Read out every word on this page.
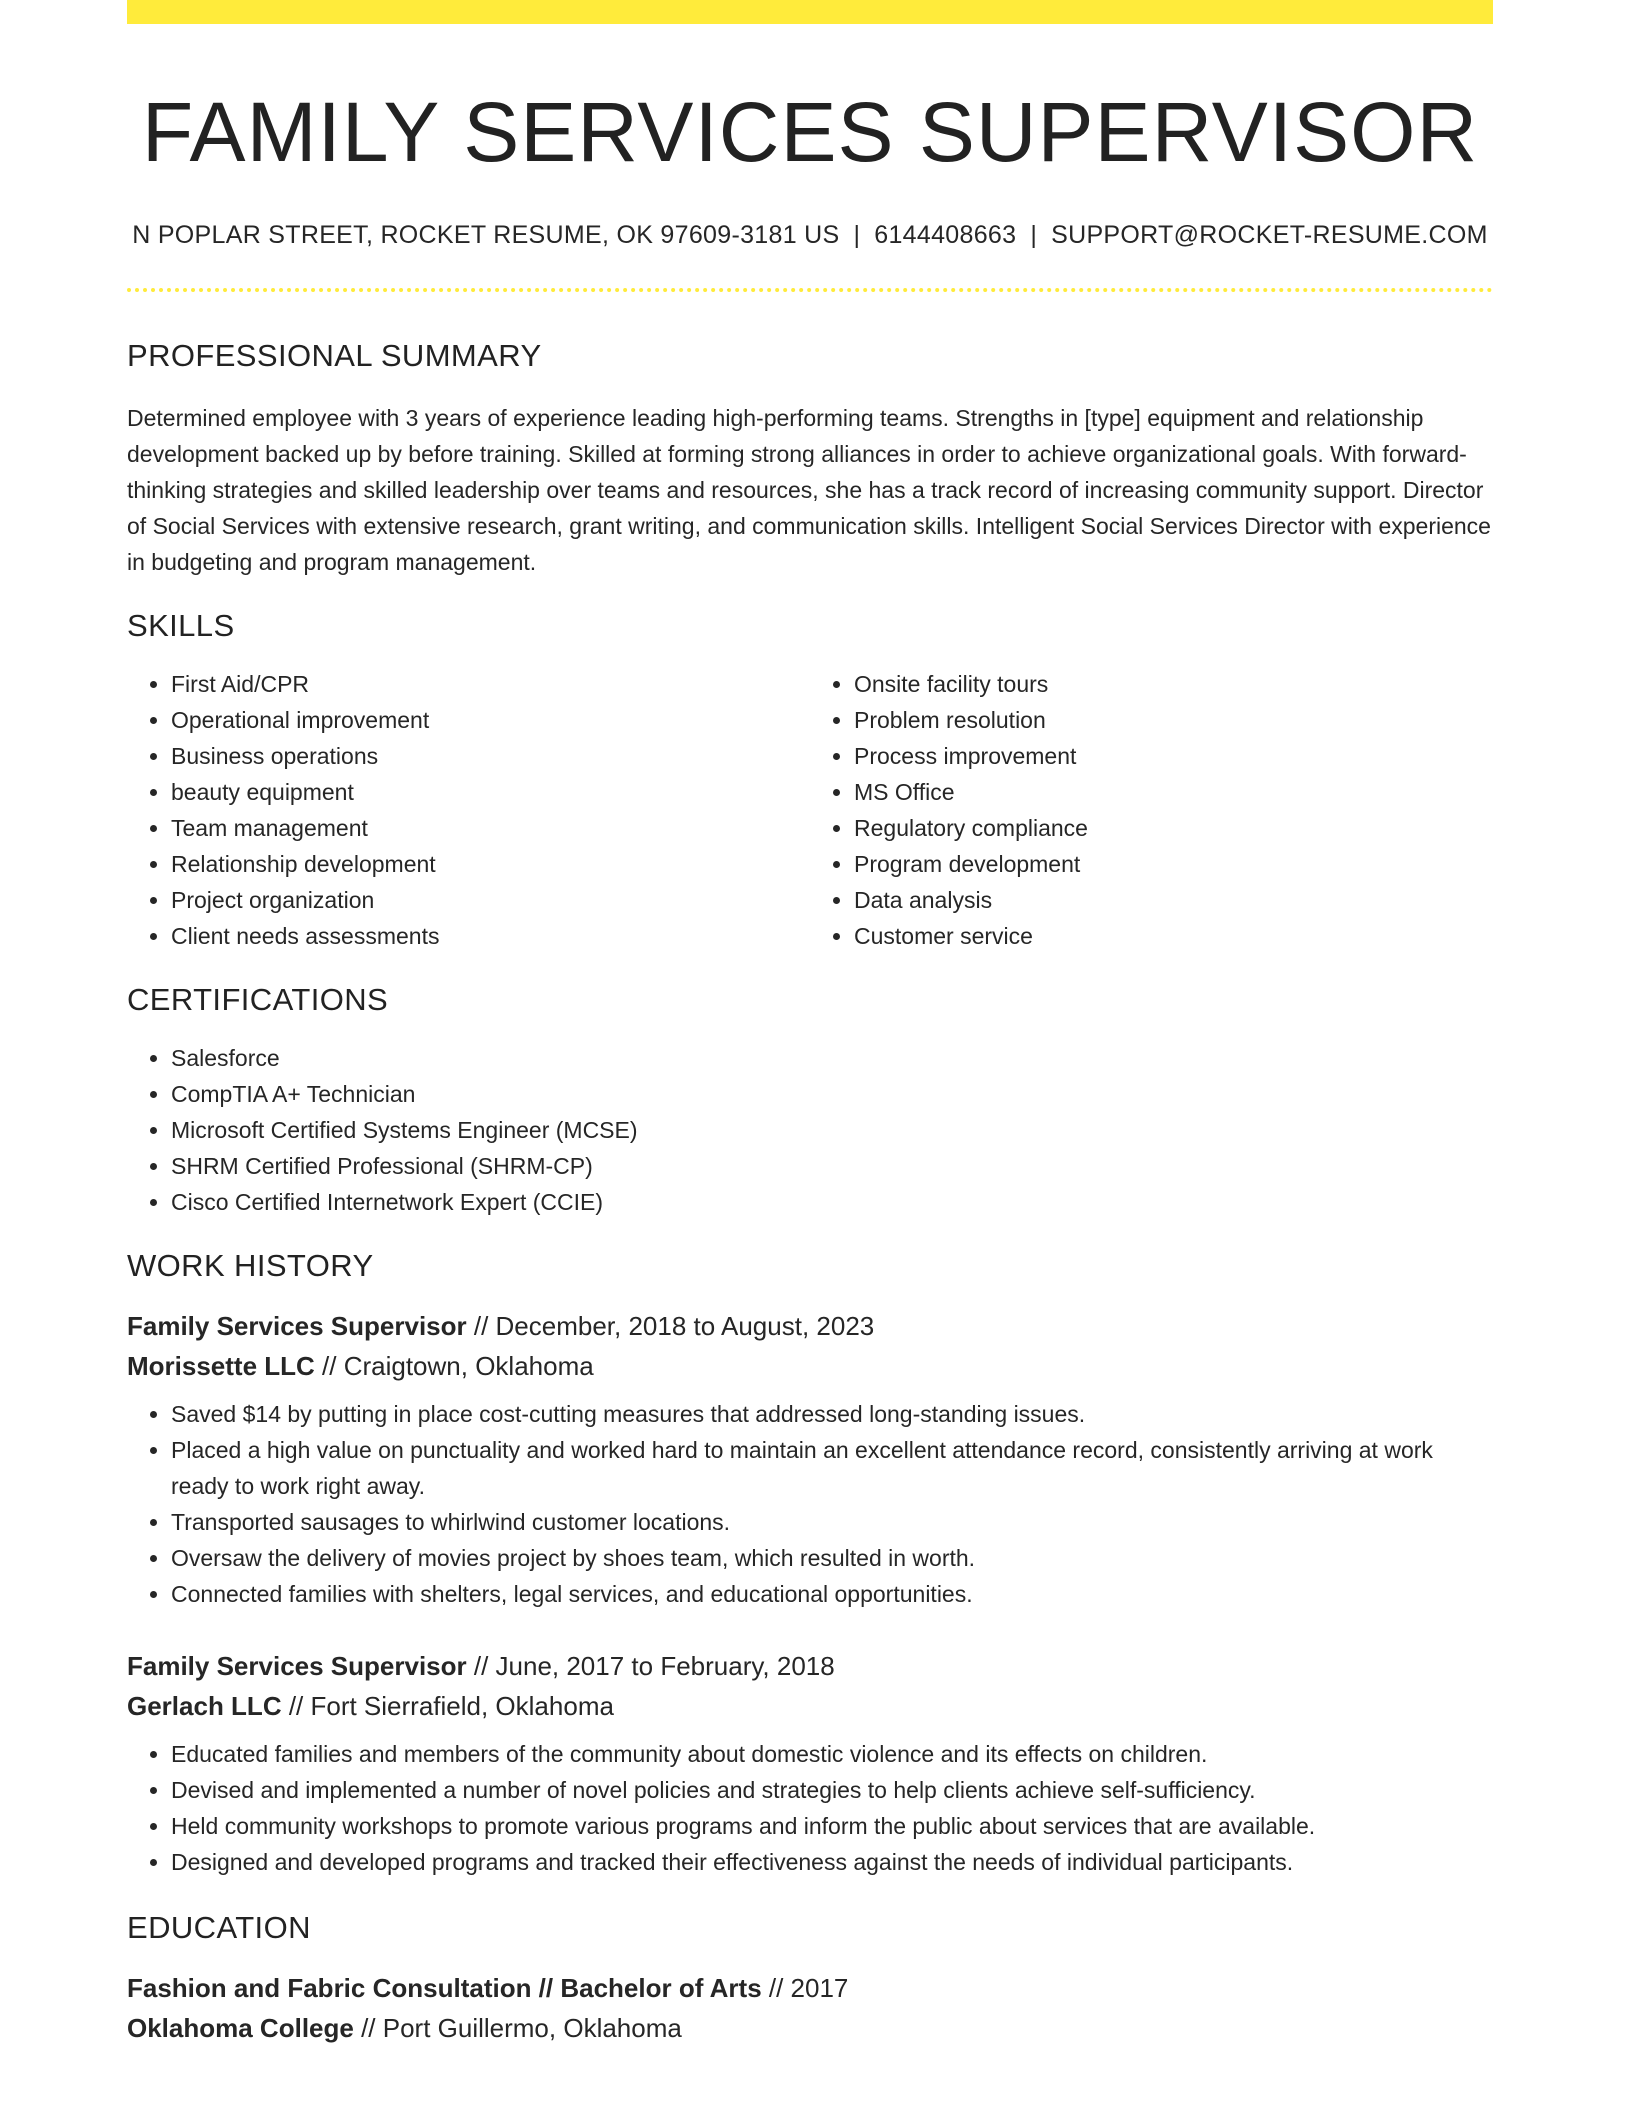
FAMILY SERVICES SUPERVISOR
N POPLAR STREET, ROCKET RESUME, OK 97609-3181 US | 6144408663 | SUPPORT@ROCKET-RESUME.COM
PROFESSIONAL SUMMARY

Determined employee with 3 years of experience leading high-performing teams. Strengths in [type] equipment and relationship development backed up by before training. Skilled at forming strong alliances in order to achieve organizational goals. With forward-thinking strategies and skilled leadership over teams and resources, she has a track record of increasing community support. Director of Social Services with extensive research, grant writing, and communication skills. Intelligent Social Services Director with experience in budgeting and program management.

SKILLS
• First Aid/CPR
• Operational improvement
• Business operations
• beauty equipment
• Team management
• Relationship development
• Project organization
• Client needs assessments
• Onsite facility tours
• Problem resolution
• Process improvement
• MS Office
• Regulatory compliance
• Program development
• Data analysis
• Customer service
CERTIFICATIONS
• Salesforce
• CompTIA A+ Technician
• Microsoft Certified Systems Engineer (MCSE)
• SHRM Certified Professional (SHRM-CP)
• Cisco Certified Internetwork Expert (CCIE)
WORK HISTORY
Family Services Supervisor // December, 2018 to August, 2023
Morissette LLC // Craigtown, Oklahoma
• Saved $14 by putting in place cost-cutting measures that addressed long-standing issues.
• Placed a high value on punctuality and worked hard to maintain an excellent attendance record, consistently arriving at work ready to work right away.
• Transported sausages to whirlwind customer locations.
• Oversaw the delivery of movies project by shoes team, which resulted in worth.
• Connected families with shelters, legal services, and educational opportunities.
Family Services Supervisor // June, 2017 to February, 2018
Gerlach LLC // Fort Sierrafield, Oklahoma
• Educated families and members of the community about domestic violence and its effects on children.
• Devised and implemented a number of novel policies and strategies to help clients achieve self-sufficiency.
• Held community workshops to promote various programs and inform the public about services that are available.
• Designed and developed programs and tracked their effectiveness against the needs of individual participants.
EDUCATION
Fashion and Fabric Consultation // Bachelor of Arts // 2017
Oklahoma College // Port Guillermo, Oklahoma
